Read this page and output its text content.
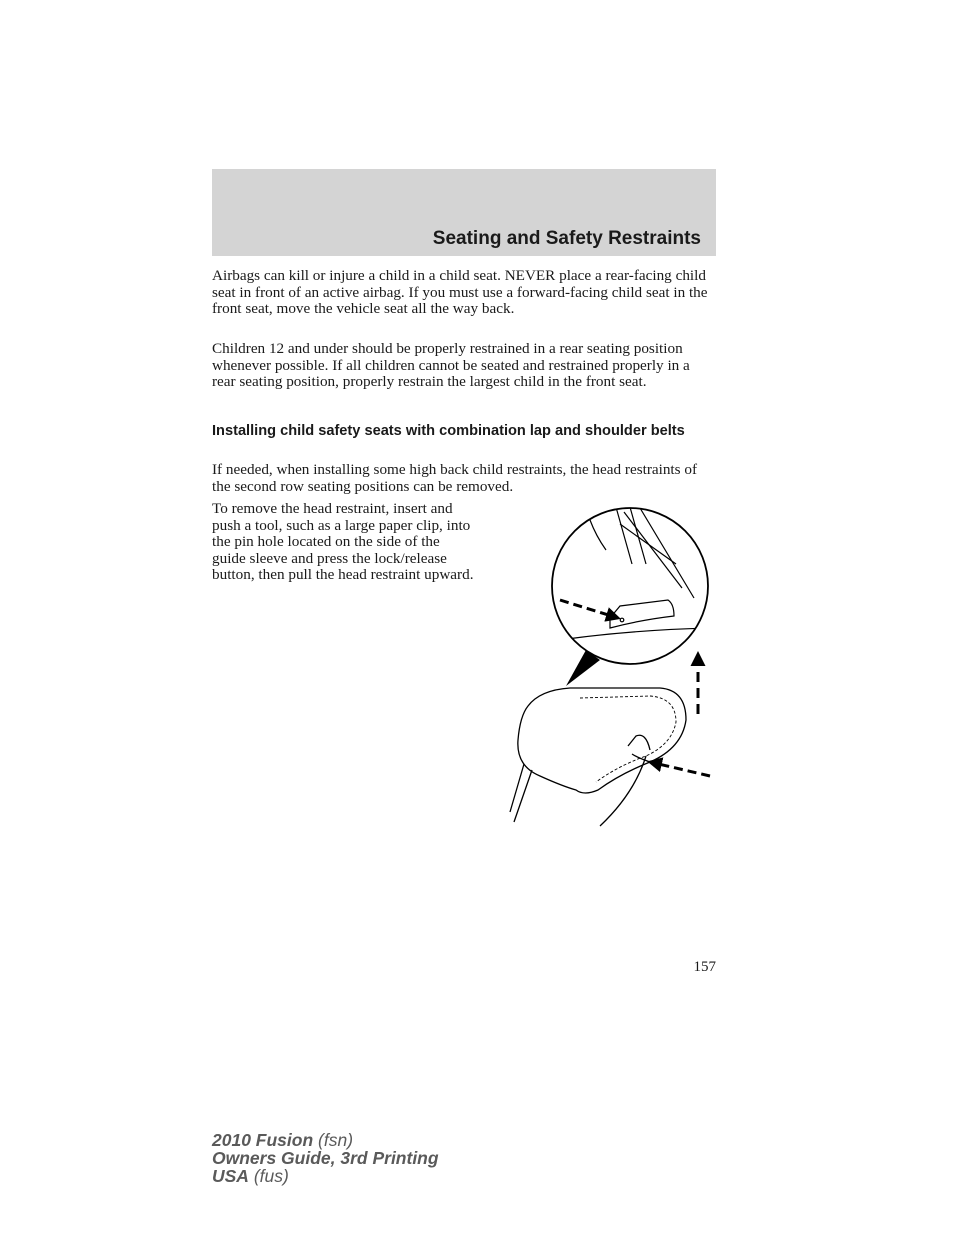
Seating and Safety Restraints

Airbags can kill or injure a child in a child seat. NEVER place a rear-facing child seat in front of an active airbag. If you must use a forward-facing child seat in the front seat, move the vehicle seat all the way back.

Children 12 and under should be properly restrained in a rear seating position whenever possible. If all children cannot be seated and restrained properly in a rear seating position, properly restrain the largest child in the front seat.

Installing child safety seats with combination lap and shoulder belts

If needed, when installing some high back child restraints, the head restraints of the second row seating positions can be removed.

To remove the head restraint, insert and push a tool, such as a large paper clip, into the pin hole located on the side of the guide sleeve and press the lock/release button, then pull the head restraint upward.

157
2010 Fusion (fsn)
Owners Guide, 3rd Printing
USA (fus)
